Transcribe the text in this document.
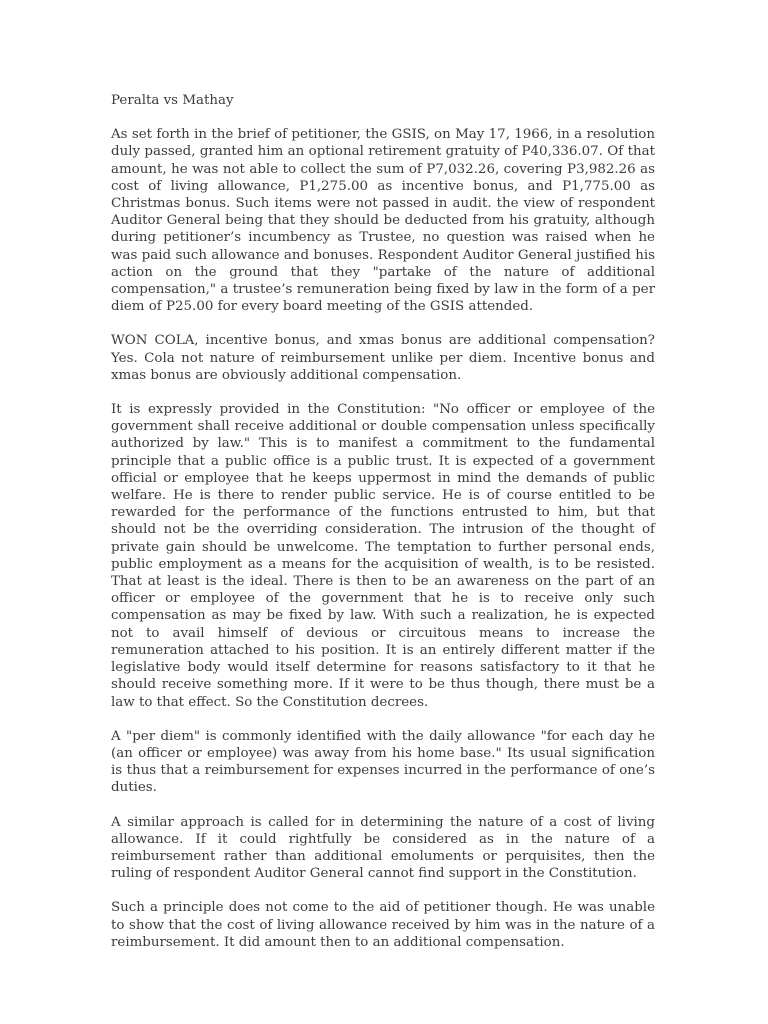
Peralta vs Mathay

As set forth in the brief of petitioner, the GSIS, on May 17, 1966, in a resolution duly passed, granted him an optional retirement gratuity of P40,336.07. Of that amount, he was not able to collect the sum of P7,032.26, covering P3,982.26 as cost of living allowance, P1,275.00 as incentive bonus, and P1,775.00 as Christmas bonus. Such items were not passed in audit. the view of respondent Auditor General being that they should be deducted from his gratuity, although during petitioner’s incumbency as Trustee, no question was raised when he was paid such allowance and bonuses. Respondent Auditor General justified his action on the ground that they "partake of the nature of additional compensation," a trustee’s remuneration being fixed by law in the form of a per diem of P25.00 for every board meeting of the GSIS attended.

WON COLA, incentive bonus, and xmas bonus are additional compensation? Yes. Cola not nature of reimbursement unlike per diem. Incentive bonus and xmas bonus are obviously additional compensation.

It is expressly provided in the Constitution: "No officer or employee of the government shall receive additional or double compensation unless specifically authorized by law." This is to manifest a commitment to the fundamental principle that a public office is a public trust. It is expected of a government official or employee that he keeps uppermost in mind the demands of public welfare. He is there to render public service. He is of course entitled to be rewarded for the performance of the functions entrusted to him, but that should not be the overriding consideration. The intrusion of the thought of private gain should be unwelcome. The temptation to further personal ends, public employment as a means for the acquisition of wealth, is to be resisted. That at least is the ideal. There is then to be an awareness on the part of an officer or employee of the government that he is to receive only such compensation as may be fixed by law. With such a realization, he is expected not to avail himself of devious or circuitous means to increase the remuneration attached to his position. It is an entirely different matter if the legislative body would itself determine for reasons satisfactory to it that he should receive something more. If it were to be thus though, there must be a law to that effect. So the Constitution decrees.

A "per diem" is commonly identified with the daily allowance "for each day he (an officer or employee) was away from his home base." Its usual signification is thus that a reimbursement for expenses incurred in the performance of one’s duties.

A similar approach is called for in determining the nature of a cost of living allowance. If it could rightfully be considered as in the nature of a reimbursement rather than additional emoluments or perquisites, then the ruling of respondent Auditor General cannot find support in the Constitution.

Such a principle does not come to the aid of petitioner though. He was unable to show that the cost of living allowance received by him was in the nature of a reimbursement. It did amount then to an additional compensation.
